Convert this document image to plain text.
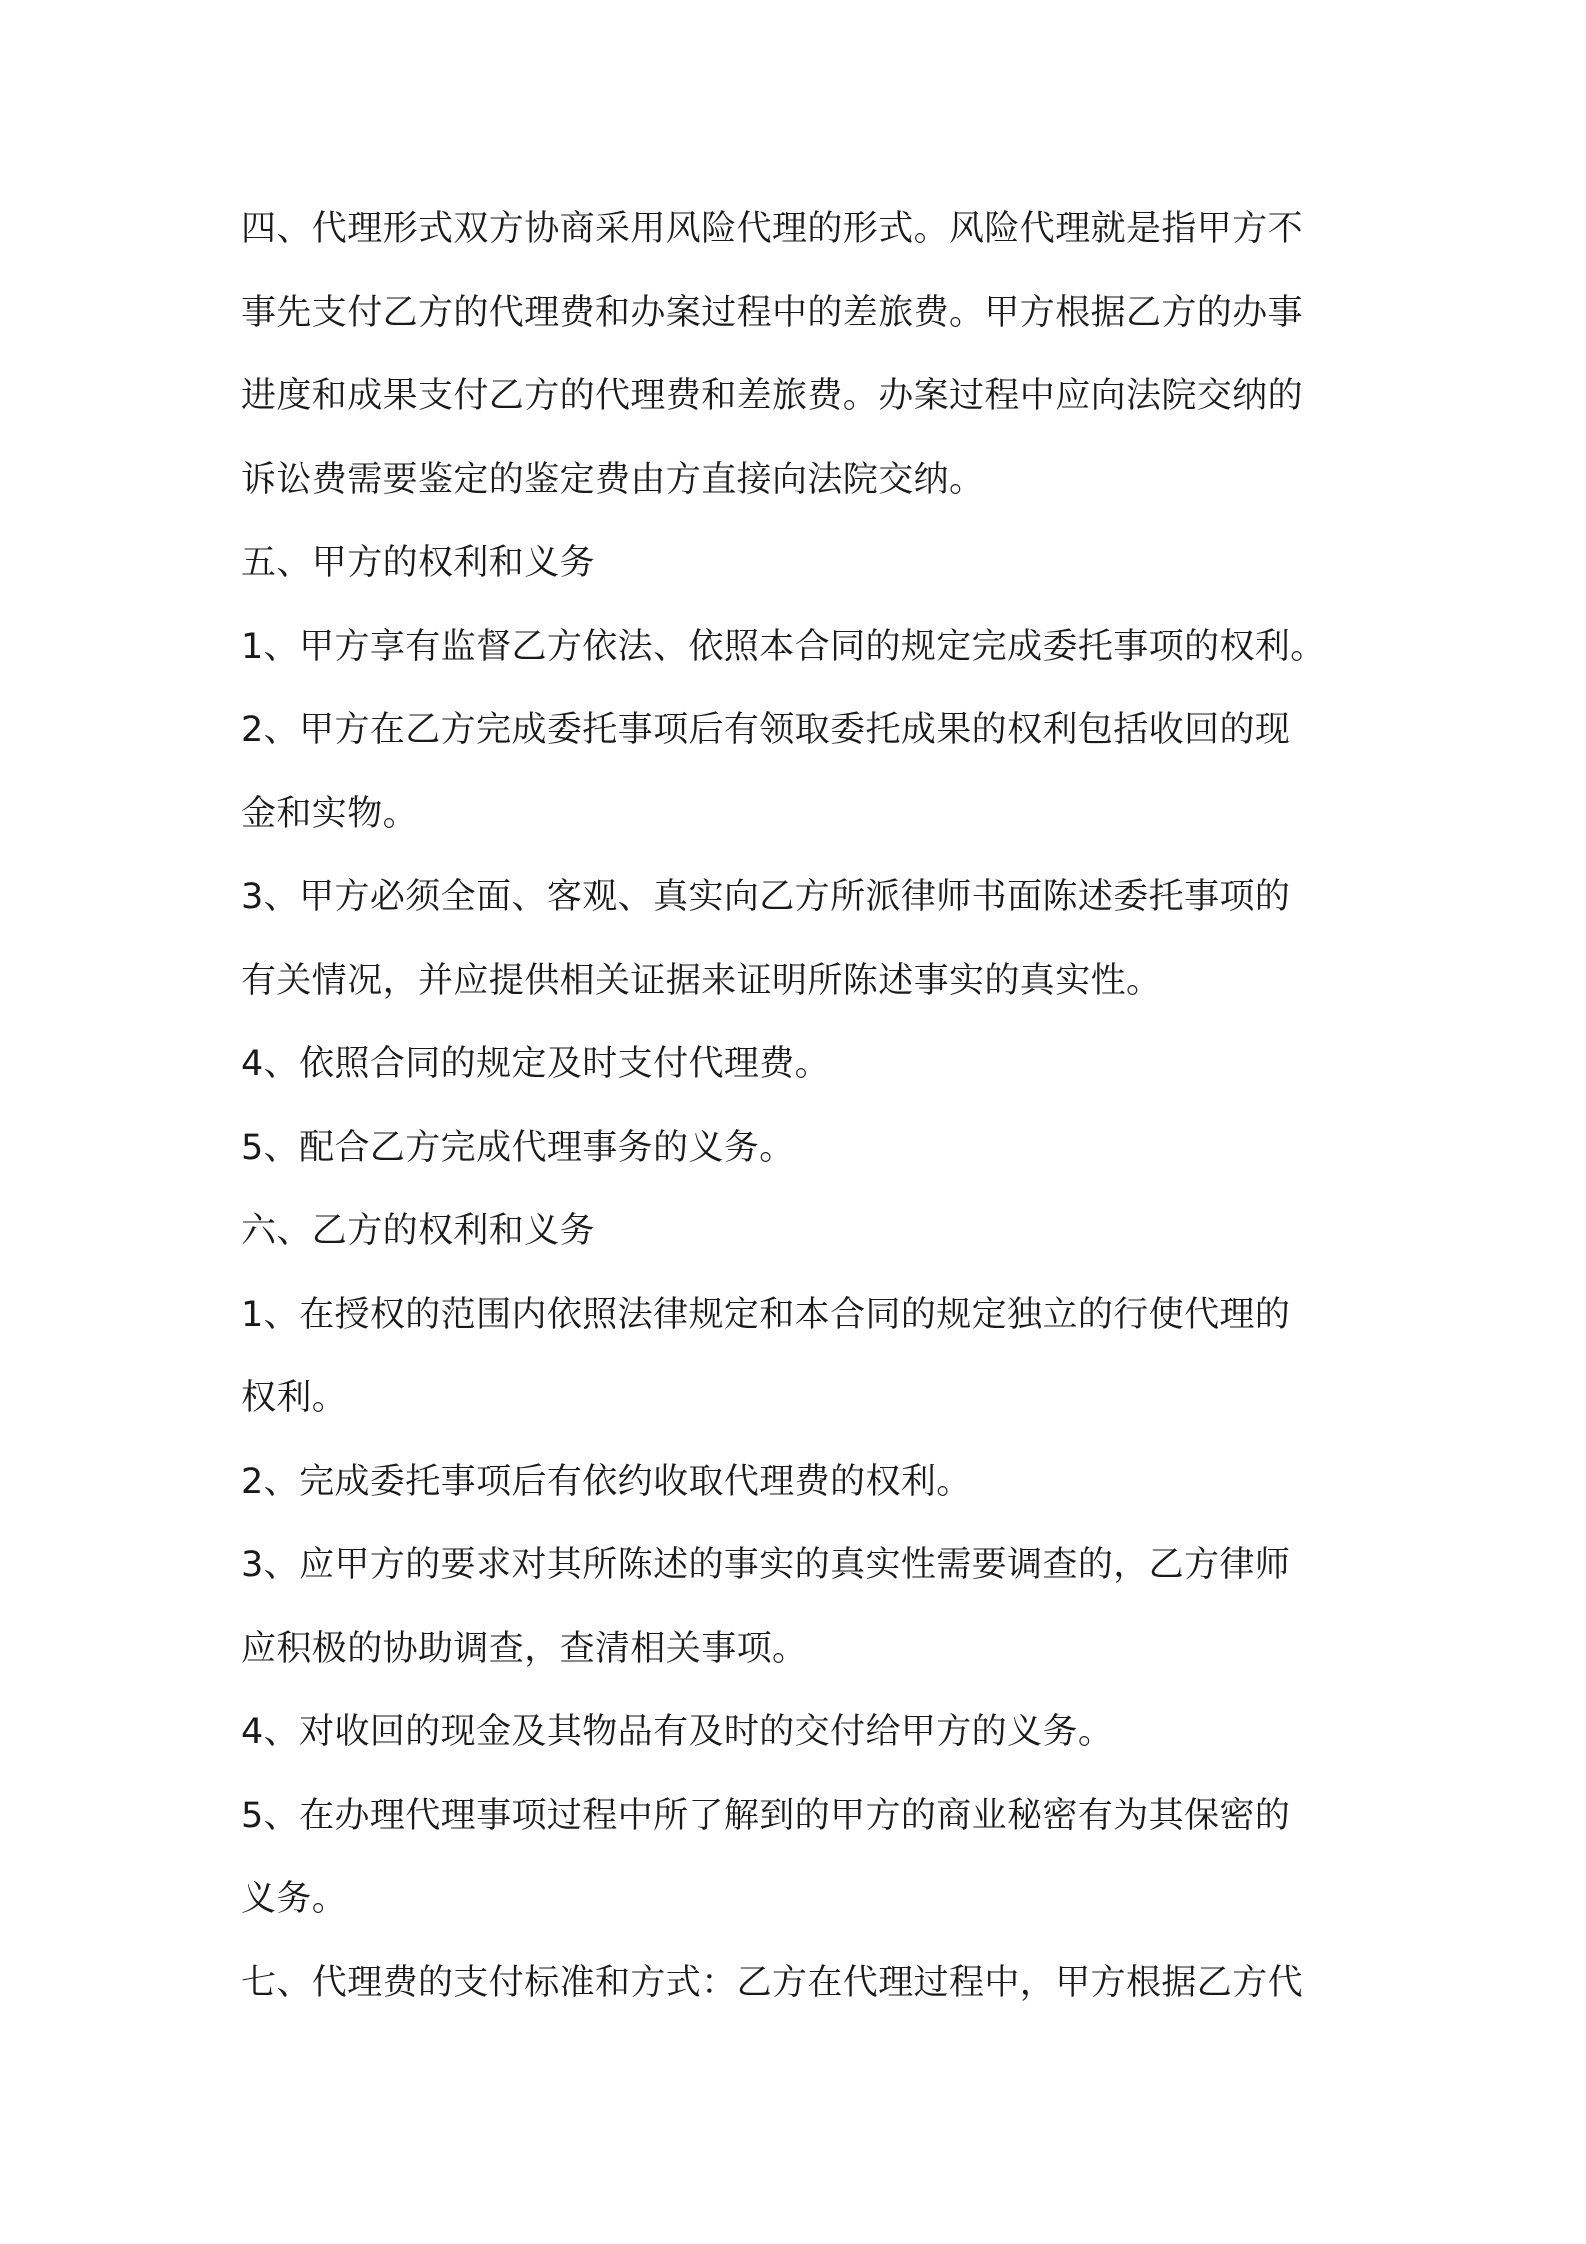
四、代理形式双方协商采用风险代理的形式。风险代理就是指甲方不
事先支付乙方的代理费和办案过程中的差旅费。甲方根据乙方的办事
进度和成果支付乙方的代理费和差旅费。办案过程中应向法院交纳的
诉讼费需要鉴定的鉴定费由方直接向法院交纳。

五、甲方的权利和义务

1、甲方享有监督乙方依法、依照本合同的规定完成委托事项的权利。

2、甲方在乙方完成委托事项后有领取委托成果的权利包括收回的现
金和实物。

3、甲方必须全面、客观、真实向乙方所派律师书面陈述委托事项的
有关情况，并应提供相关证据来证明所陈述事实的真实性。

4、依照合同的规定及时支付代理费。

5、配合乙方完成代理事务的义务。

六、乙方的权利和义务

1、在授权的范围内依照法律规定和本合同的规定独立的行使代理的
权利。

2、完成委托事项后有依约收取代理费的权利。

3、应甲方的要求对其所陈述的事实的真实性需要调查的，乙方律师
应积极的协助调查，查清相关事项。

4、对收回的现金及其物品有及时的交付给甲方的义务。

5、在办理代理事项过程中所了解到的甲方的商业秘密有为其保密的
义务。

七、代理费的支付标准和方式：乙方在代理过程中，甲方根据乙方代
